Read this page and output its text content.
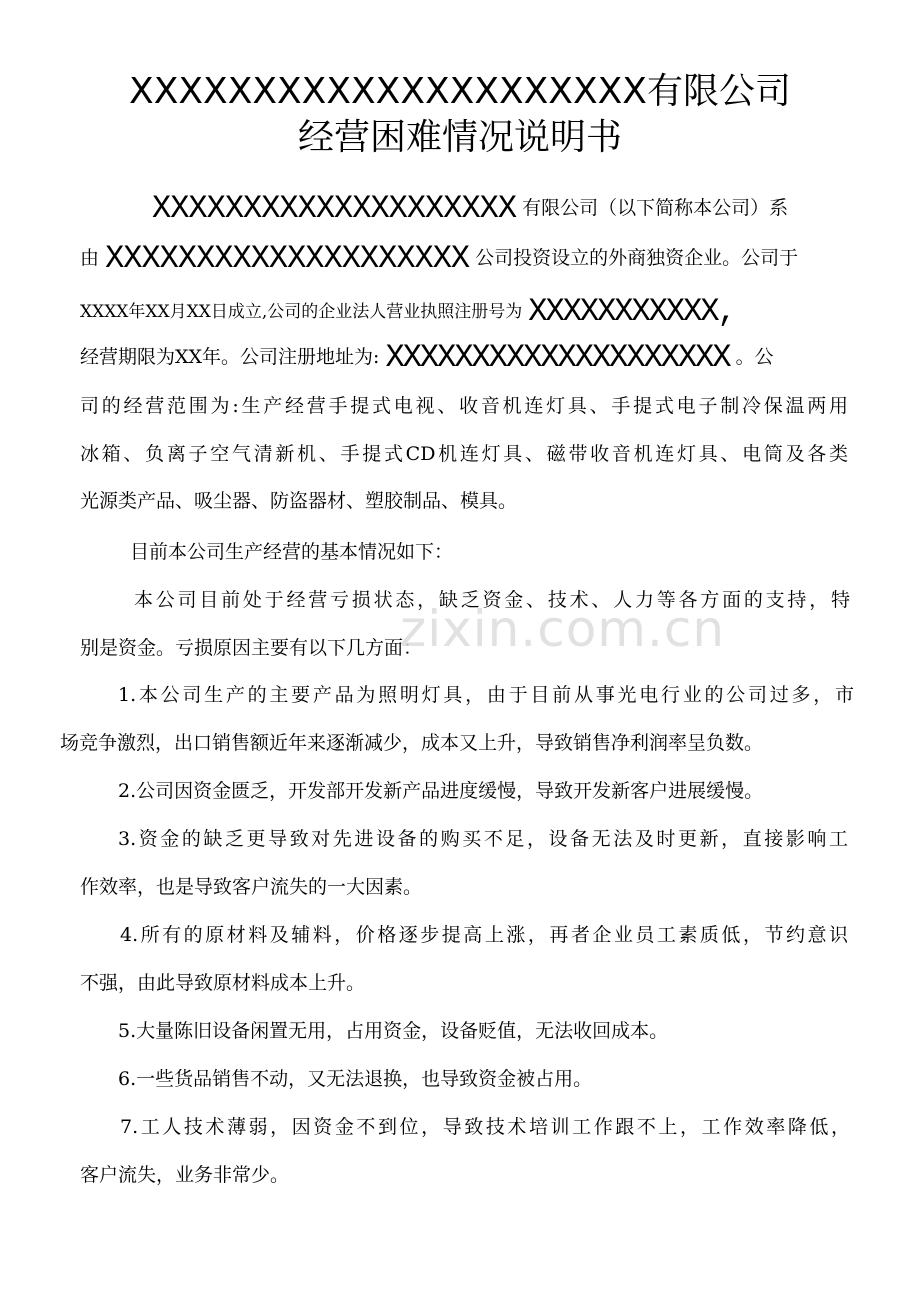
XXXXXXXXXXXXXXXXXXXXX有限公司
经营困难情况说明书
XXXXXXXXXXXXXXXXXXXX 有限公司（以下简称本公司）系
由 XXXXXXXXXXXXXXXXXXXX 公司投资设立的外商独资企业。公司于
XXXX年XX月XX日成立,公司的企业法人营业执照注册号为 XXXXXXXXXXX,
经营期限为XX年。公司注册地址为: XXXXXXXXXXXXXXXXXXXX 。公
司的经营范围为:生产经营手提式电视、收音机连灯具、手提式电子制冷保温两用
冰箱、负离子空气清新机、手提式CD机连灯具、磁带收音机连灯具、电筒及各类
光源类产品、吸尘器、防盗器材、塑胶制品、模具。
目前本公司生产经营的基本情况如下：
本公司目前处于经营亏损状态，缺乏资金、技术、人力等各方面的支持，特
别是资金。亏损原因主要有以下几方面：
1.本公司生产的主要产品为照明灯具，由于目前从事光电行业的公司过多，市
场竞争激烈，出口销售额近年来逐渐减少，成本又上升，导致销售净利润率呈负数。
2.公司因资金匮乏，开发部开发新产品进度缓慢，导致开发新客户进展缓慢。
3.资金的缺乏更导致对先进设备的购买不足，设备无法及时更新，直接影响工
作效率，也是导致客户流失的一大因素。
4.所有的原材料及辅料，价格逐步提高上涨，再者企业员工素质低，节约意识
不强，由此导致原材料成本上升。
5.大量陈旧设备闲置无用，占用资金，设备贬值，无法收回成本。
6.一些货品销售不动，又无法退换，也导致资金被占用。
7.工人技术薄弱，因资金不到位，导致技术培训工作跟不上，工作效率降低，
客户流失，业务非常少。
zixin.com.cn
